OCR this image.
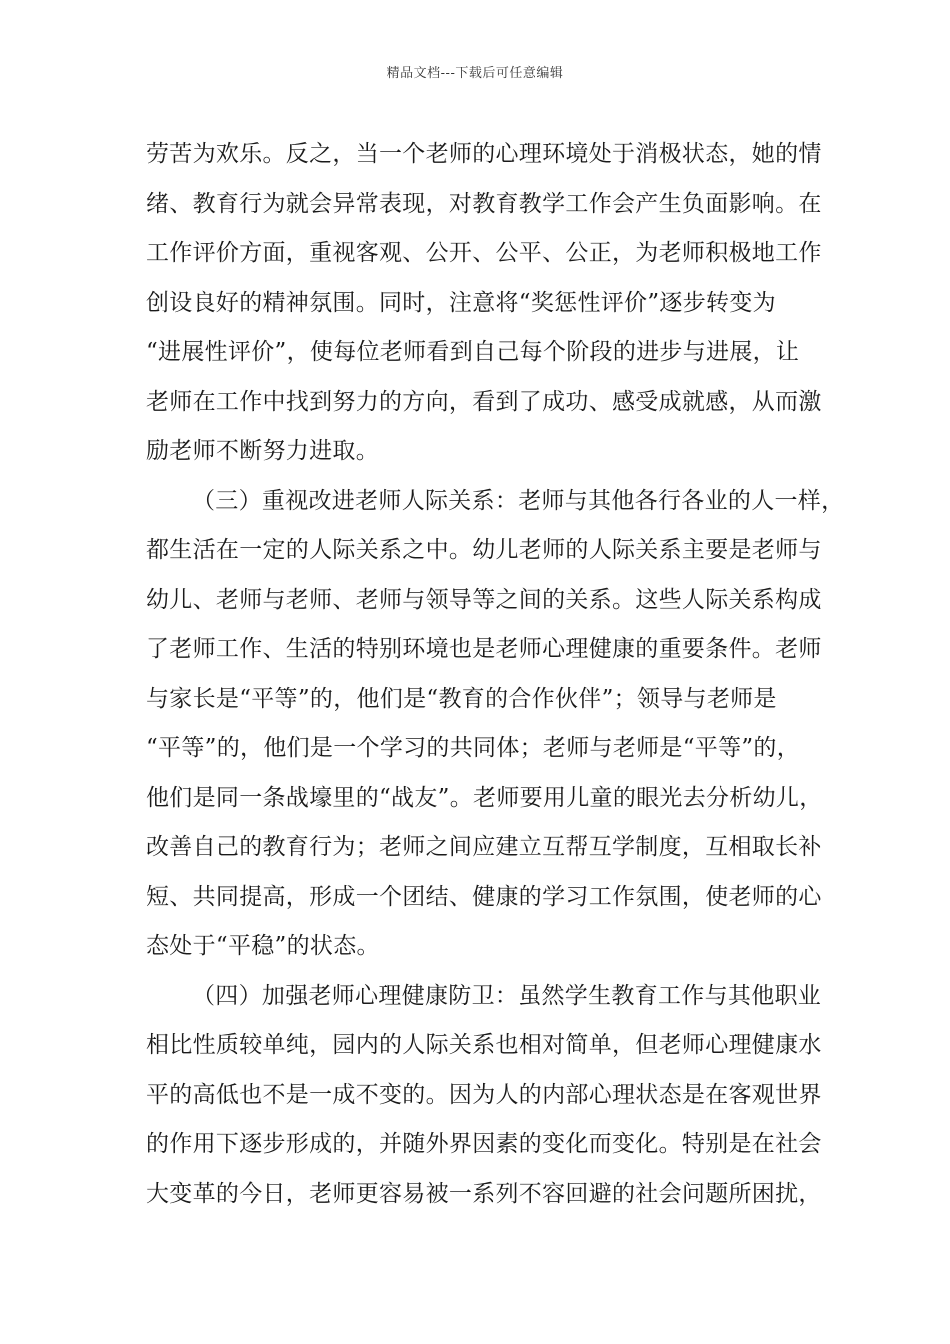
精品文档---下载后可任意编辑
劳苦为欢乐。反之，当一个老师的心理环境处于消极状态，她的情
绪、教育行为就会异常表现，对教育教学工作会产生负面影响。在
工作评价方面，重视客观、公开、公平、公正，为老师积极地工作
创设良好的精神氛围。同时，注意将“奖惩性评价”逐步转变为
“进展性评价”，使每位老师看到自己每个阶段的进步与进展，让
老师在工作中找到努力的方向，看到了成功、感受成就感，从而激
励老师不断努力进取。
（三）重视改进老师人际关系：老师与其他各行各业的人一样，
都生活在一定的人际关系之中。幼儿老师的人际关系主要是老师与
幼儿、老师与老师、老师与领导等之间的关系。这些人际关系构成
了老师工作、生活的特别环境也是老师心理健康的重要条件。老师
与家长是“平等”的，他们是“教育的合作伙伴”；领导与老师是
“平等”的，他们是一个学习的共同体；老师与老师是“平等”的，
他们是同一条战壕里的“战友”。老师要用儿童的眼光去分析幼儿，
改善自己的教育行为；老师之间应建立互帮互学制度，互相取长补
短、共同提高，形成一个团结、健康的学习工作氛围，使老师的心
态处于“平稳”的状态。
（四）加强老师心理健康防卫：虽然学生教育工作与其他职业
相比性质较单纯，园内的人际关系也相对简单，但老师心理健康水
平的高低也不是一成不变的。因为人的内部心理状态是在客观世界
的作用下逐步形成的，并随外界因素的变化而变化。特别是在社会
大变革的今日，老师更容易被一系列不容回避的社会问题所困扰，
